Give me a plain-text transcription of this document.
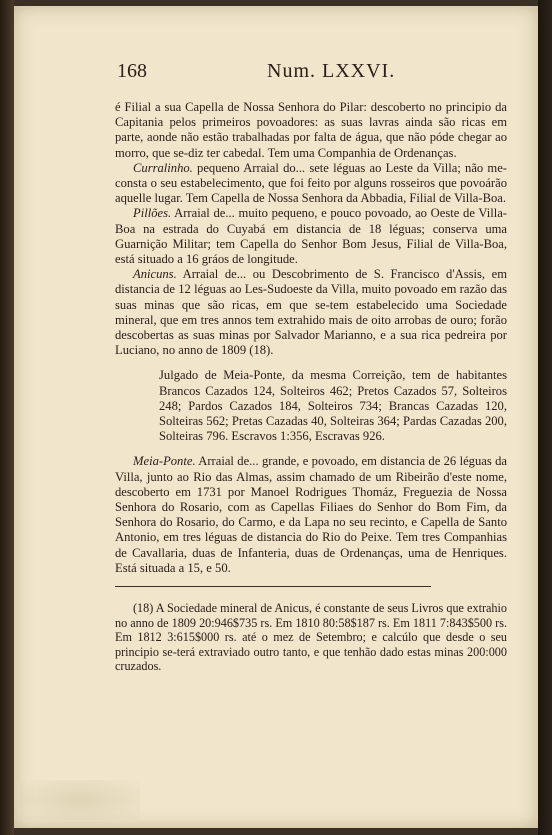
168	Num. LXXVI.

é Filial a sua Capella de Nossa Senhora do Pilar: descoberto no principio da Capitania pelos primeiros povoadores: as suas lavras ainda são ricas em parte, aonde não estão trabalhadas por falta de água, que não póde chegar ao morro, que se-diz ter cabedal. Tem uma Companhia de Ordenanças.

Curralinho. pequeno Arraial do... sete léguas ao Leste da Villa; não me-consta o seu estabelecimento, que foi feito por alguns rosseiros que povoárão aquelle lugar. Tem Capella de Nossa Senhora da Abbadia, Filial de Villa-Boa.

Pillões. Arraial de... muito pequeno, e pouco povoado, ao Oeste de Villa-Boa na estrada do Cuyabá em distancia de 18 léguas; conserva uma Guarnição Militar; tem Capella do Senhor Bom Jesus, Filial de Villa-Boa, está situado a 16 gráos de longitude.

Anicuns. Arraial de... ou Descobrimento de S. Francisco d'Assis, em distancia de 12 léguas ao Les-Sudoeste da Villa, muito povoado em razão das suas minas que são ricas, em que se-tem estabelecido uma Sociedade mineral, que em tres annos tem extrahido mais de oito arrobas de ouro; forão descobertas as suas minas por Salvador Marianno, e a sua rica pedreira por Luciano, no anno de 1809 (18).

Julgado de Meia-Ponte, da mesma Correição, tem de habitantes Brancos Cazados 124, Solteiros 462; Pretos Cazados 57, Solteiros 248; Pardos Cazados 184, Solteiros 734; Brancas Cazadas 120, Solteiras 562; Pretas Cazadas 40, Solteiras 364; Pardas Cazadas 200, Solteiras 796. Escravos 1:356, Escravas 926.

Meia-Ponte. Arraial de... grande, e povoado, em distancia de 26 léguas da Villa, junto ao Rio das Almas, assim chamado de um Ribeirão d'este nome, descoberto em 1731 por Manoel Rodrigues Thomáz, Freguezia de Nossa Senhora do Rosario, com as Capellas Filiaes do Senhor do Bom Fim, da Senhora do Rosario, do Carmo, e da Lapa no seu recinto, e Capella de Santo Antonio, em tres léguas de distancia do Rio do Peixe. Tem tres Companhias de Cavallaria, duas de Infanteria, duas de Ordenanças, uma de Henriques. Está situada a 15, e 50.

(18) A Sociedade mineral de Anicus, é constante de seus Livros que extrahio no anno de 1809 20:946$735 rs. Em 1810 80:58$187 rs. Em 1811 7:843$500 rs. Em 1812 3:615$000 rs. até o mez de Setembro; e calcúlo que desde o seu principio se-terá extraviado outro tanto, e que tenhão dado estas minas 200:000 cruzados.
